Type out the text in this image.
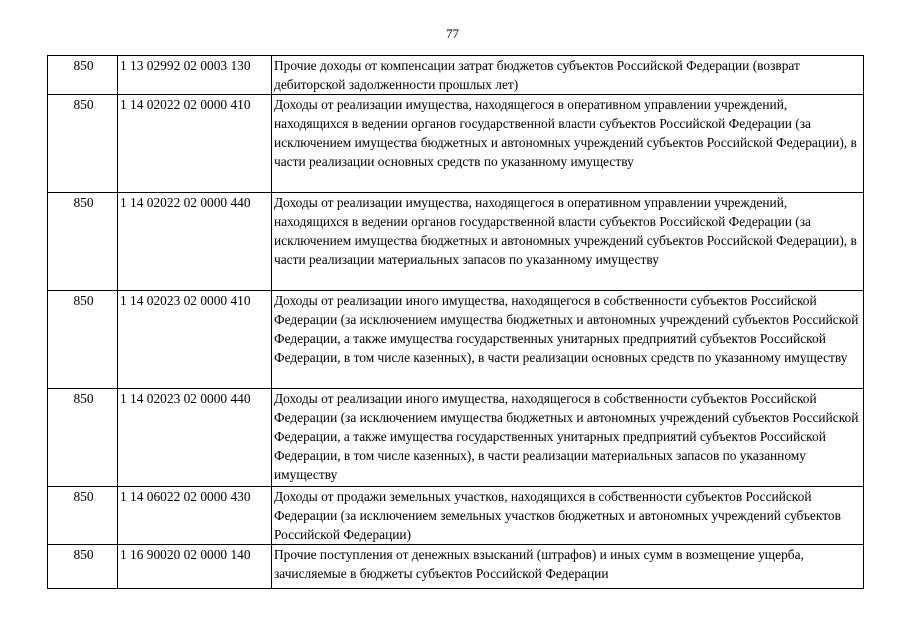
77
850	1 13 02992 02 0003 130	Прочие доходы от компенсации затрат бюджетов субъектов Российской Федерации (возврат дебиторской задолженности прошлых лет)
850	1 14 02022 02 0000 410	Доходы от реализации имущества, находящегося в оперативном управлении учреждений, находящихся в ведении органов государственной власти субъектов Российской Федерации (за исключением имущества бюджетных и автономных учреждений субъектов Российской Федерации), в части реализации основных средств по указанному имуществу
850	1 14 02022 02 0000 440	Доходы от реализации имущества, находящегося в оперативном управлении учреждений, находящихся в ведении органов государственной власти субъектов Российской Федерации (за исключением имущества бюджетных и автономных учреждений субъектов Российской Федерации), в части реализации материальных запасов по указанному имуществу
850	1 14 02023 02 0000 410	Доходы от реализации иного имущества, находящегося в собственности субъектов Российской Федерации (за исключением имущества бюджетных и автономных учреждений субъектов Российской Федерации, а также имущества государственных унитарных предприятий субъектов Российской Федерации, в том числе казенных), в части реализации основных средств по указанному имуществу
850	1 14 02023 02 0000 440	Доходы от реализации иного имущества, находящегося в собственности субъектов Российской Федерации (за исключением имущества бюджетных и автономных учреждений субъектов Российской Федерации, а также имущества государственных унитарных предприятий субъектов Российской Федерации, в том числе казенных), в части реализации материальных запасов по указанному имуществу
850	1 14 06022 02 0000 430	Доходы от продажи земельных участков, находящихся в собственности субъектов Российской Федерации (за исключением земельных участков бюджетных и автономных учреждений субъектов Российской Федерации)
850	1 16 90020 02 0000 140	Прочие поступления от денежных взысканий (штрафов) и иных сумм в возмещение ущерба, зачисляемые в бюджеты субъектов Российской Федерации
